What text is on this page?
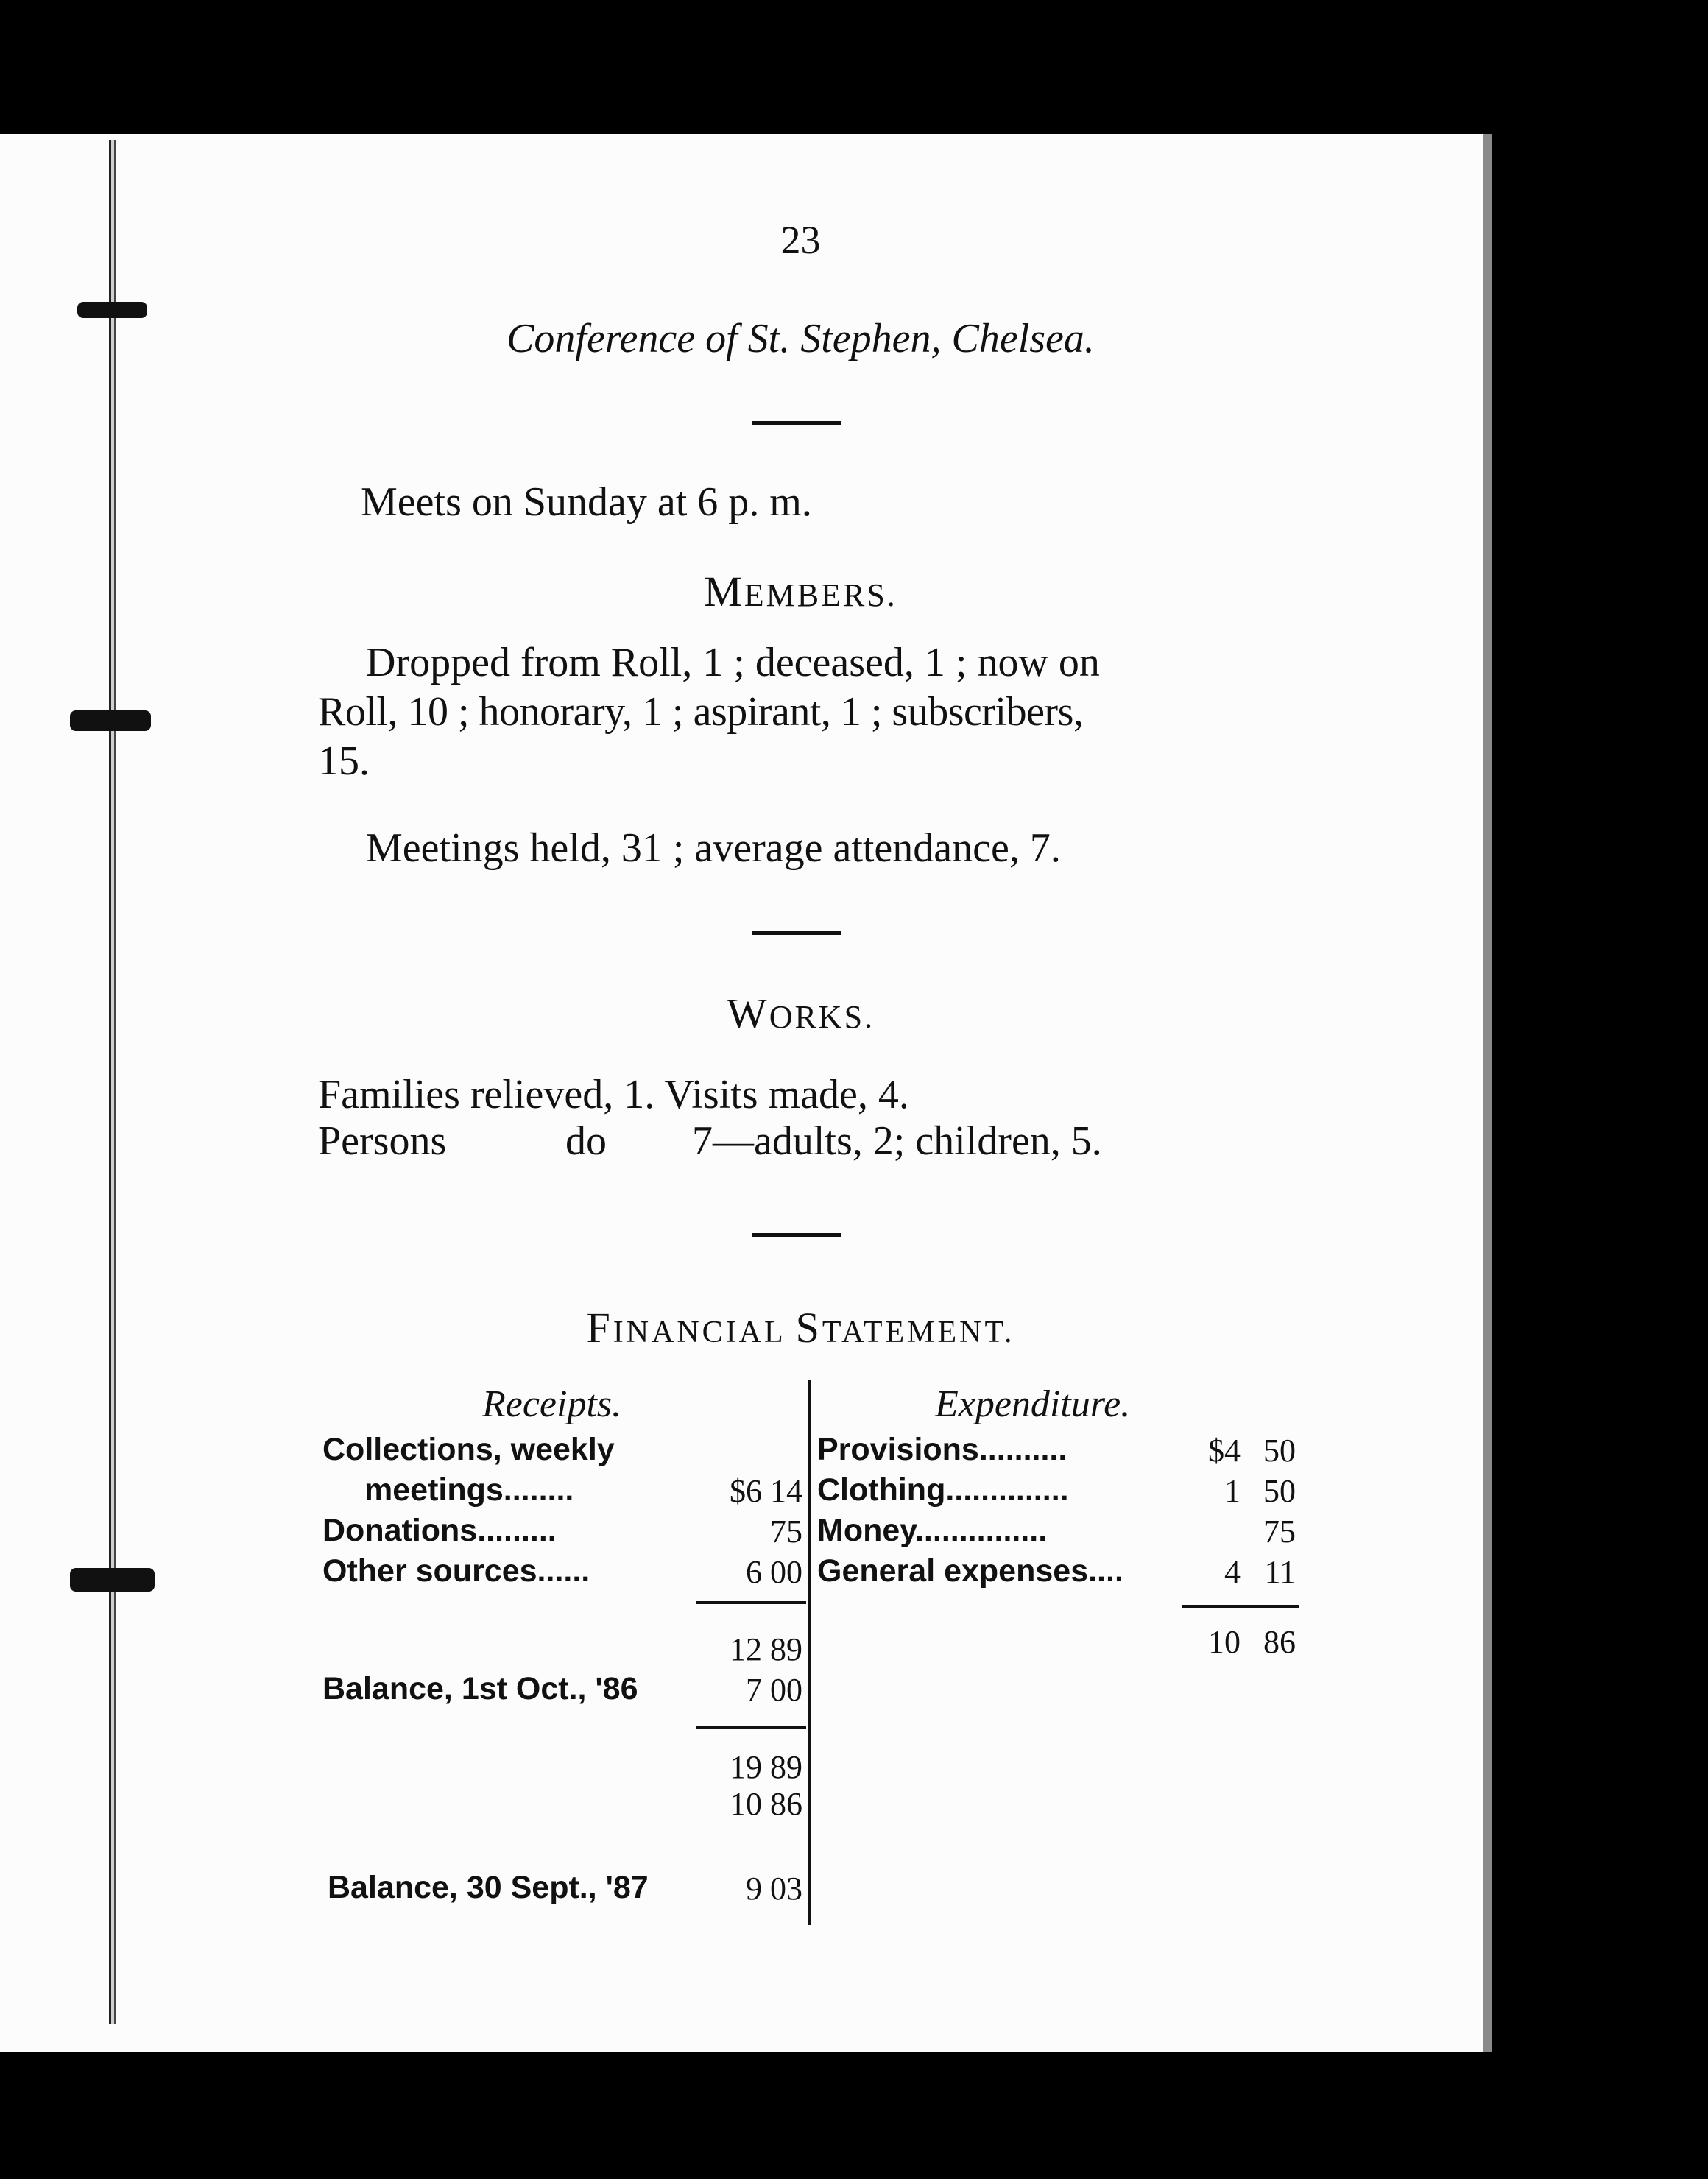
23
Conference of St. Stephen, Chelsea.
Meets on Sunday at 6 p. m.
MEMBERS.
Dropped from Roll, 1 ; deceased, 1 ; now on
Roll, 10 ; honorary, 1 ; aspirant, 1 ; subscribers,
15.
Meetings held, 31 ; average attendance, 7.
WORKS.
Families relieved, 1. Visits made, 4.
Persons	do 7—adults, 2; children, 5.
FINANCIAL STATEMENT.
Receipts.	Expenditure.
Collections, weekly
meetings........	$6 14
Donations.........	75
Other sources......	6 00
12 89
Balance, 1st Oct., '86	7 00
19 89
10 86
Balance, 30 Sept., '87	9 03
Provisions..........	$4 50
Clothing..............	1 50
Money...............	75
General expenses....	4 11
10 86
